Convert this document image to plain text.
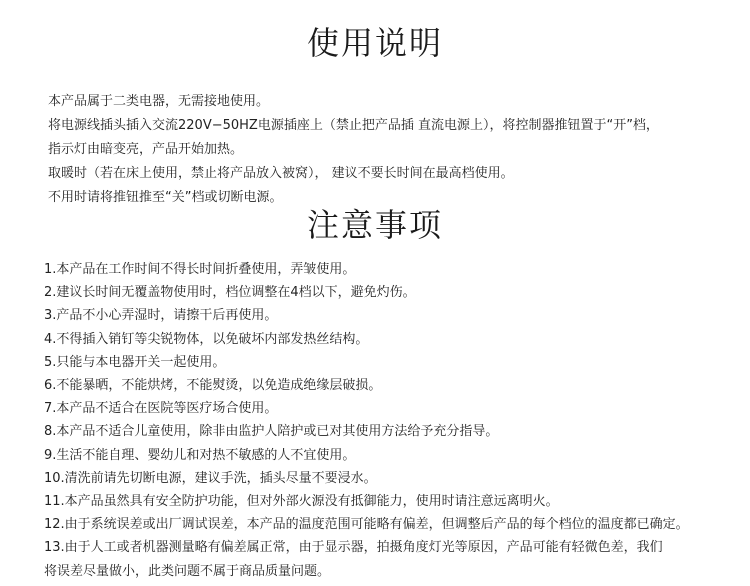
使用说明
本产品属于二类电器，无需接地使用。
将电源线插头插入交流220V−50HZ电源插座上（禁止把产品插 直流电源上），将控制器推钮置于“开”档，
指示灯由暗变亮，产品开始加热。
取暖时（若在床上使用，禁止将产品放入被窝）， 建议不要长时间在最高档使用。
不用时请将推钮推至“关”档或切断电源。
注意事项
1.本产品在工作时间不得长时间折叠使用，弄皱使用。
2.建议长时间无覆盖物使用时，档位调整在4档以下，避免灼伤。
3.产品不小心弄湿时，请擦干后再使用。
4.不得插入销钉等尖锐物体，以免破坏内部发热丝结构。
5.只能与本电器开关一起使用。
6.不能暴晒，不能烘烤，不能熨烫，以免造成绝缘层破损。
7.本产品不适合在医院等医疗场合使用。
8.本产品不适合儿童使用，除非由监护人陪护或已对其使用方法给予充分指导。
9.生活不能自理、婴幼儿和对热不敏感的人不宜使用。
10.清洗前请先切断电源，建议手洗，插头尽量不要浸水。
11.本产品虽然具有安全防护功能，但对外部火源没有抵御能力，使用时请注意远离明火。
12.由于系统误差或出厂调试误差，本产品的温度范围可能略有偏差，但调整后产品的每个档位的温度都已确定。
13.由于人工或者机器测量略有偏差属正常，由于显示器，拍摄角度灯光等原因，产品可能有轻微色差，我们
将误差尽量做小，此类问题不属于商品质量问题。
